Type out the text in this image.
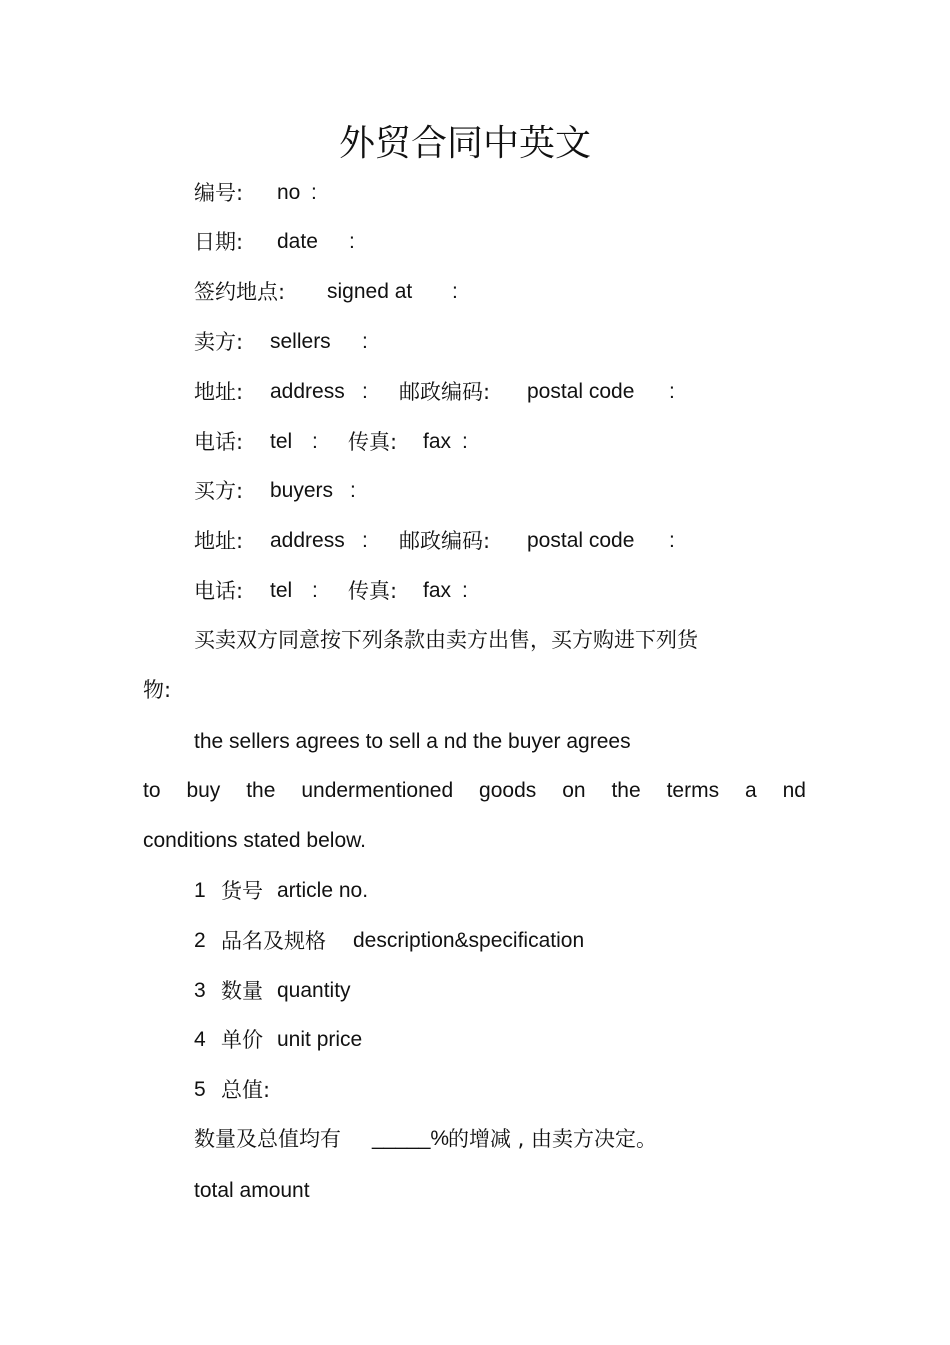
外贸合同中英文
编号: no :
日期: date :
签约地点: signed at :
卖方: sellers :
地址: address : 邮政编码: postal code :
电话: tel : 传真: fax :
买方: buyers :
地址: address : 邮政编码: postal code :
电话: tel : 传真: fax :
买卖双方同意按下列条款由卖方出售，买方购进下列货
物:
the sellers agrees to sell a nd the buyer agrees
to buy the undermentioned goods on the terms a nd
conditions stated below.
1 货号 article no.
2 品名及规格 description&specification
3 数量 quantity
4 单价 unit price
5 总值:
数量及总值均有 _____%
的增减 , 由卖方决定。
total amount
